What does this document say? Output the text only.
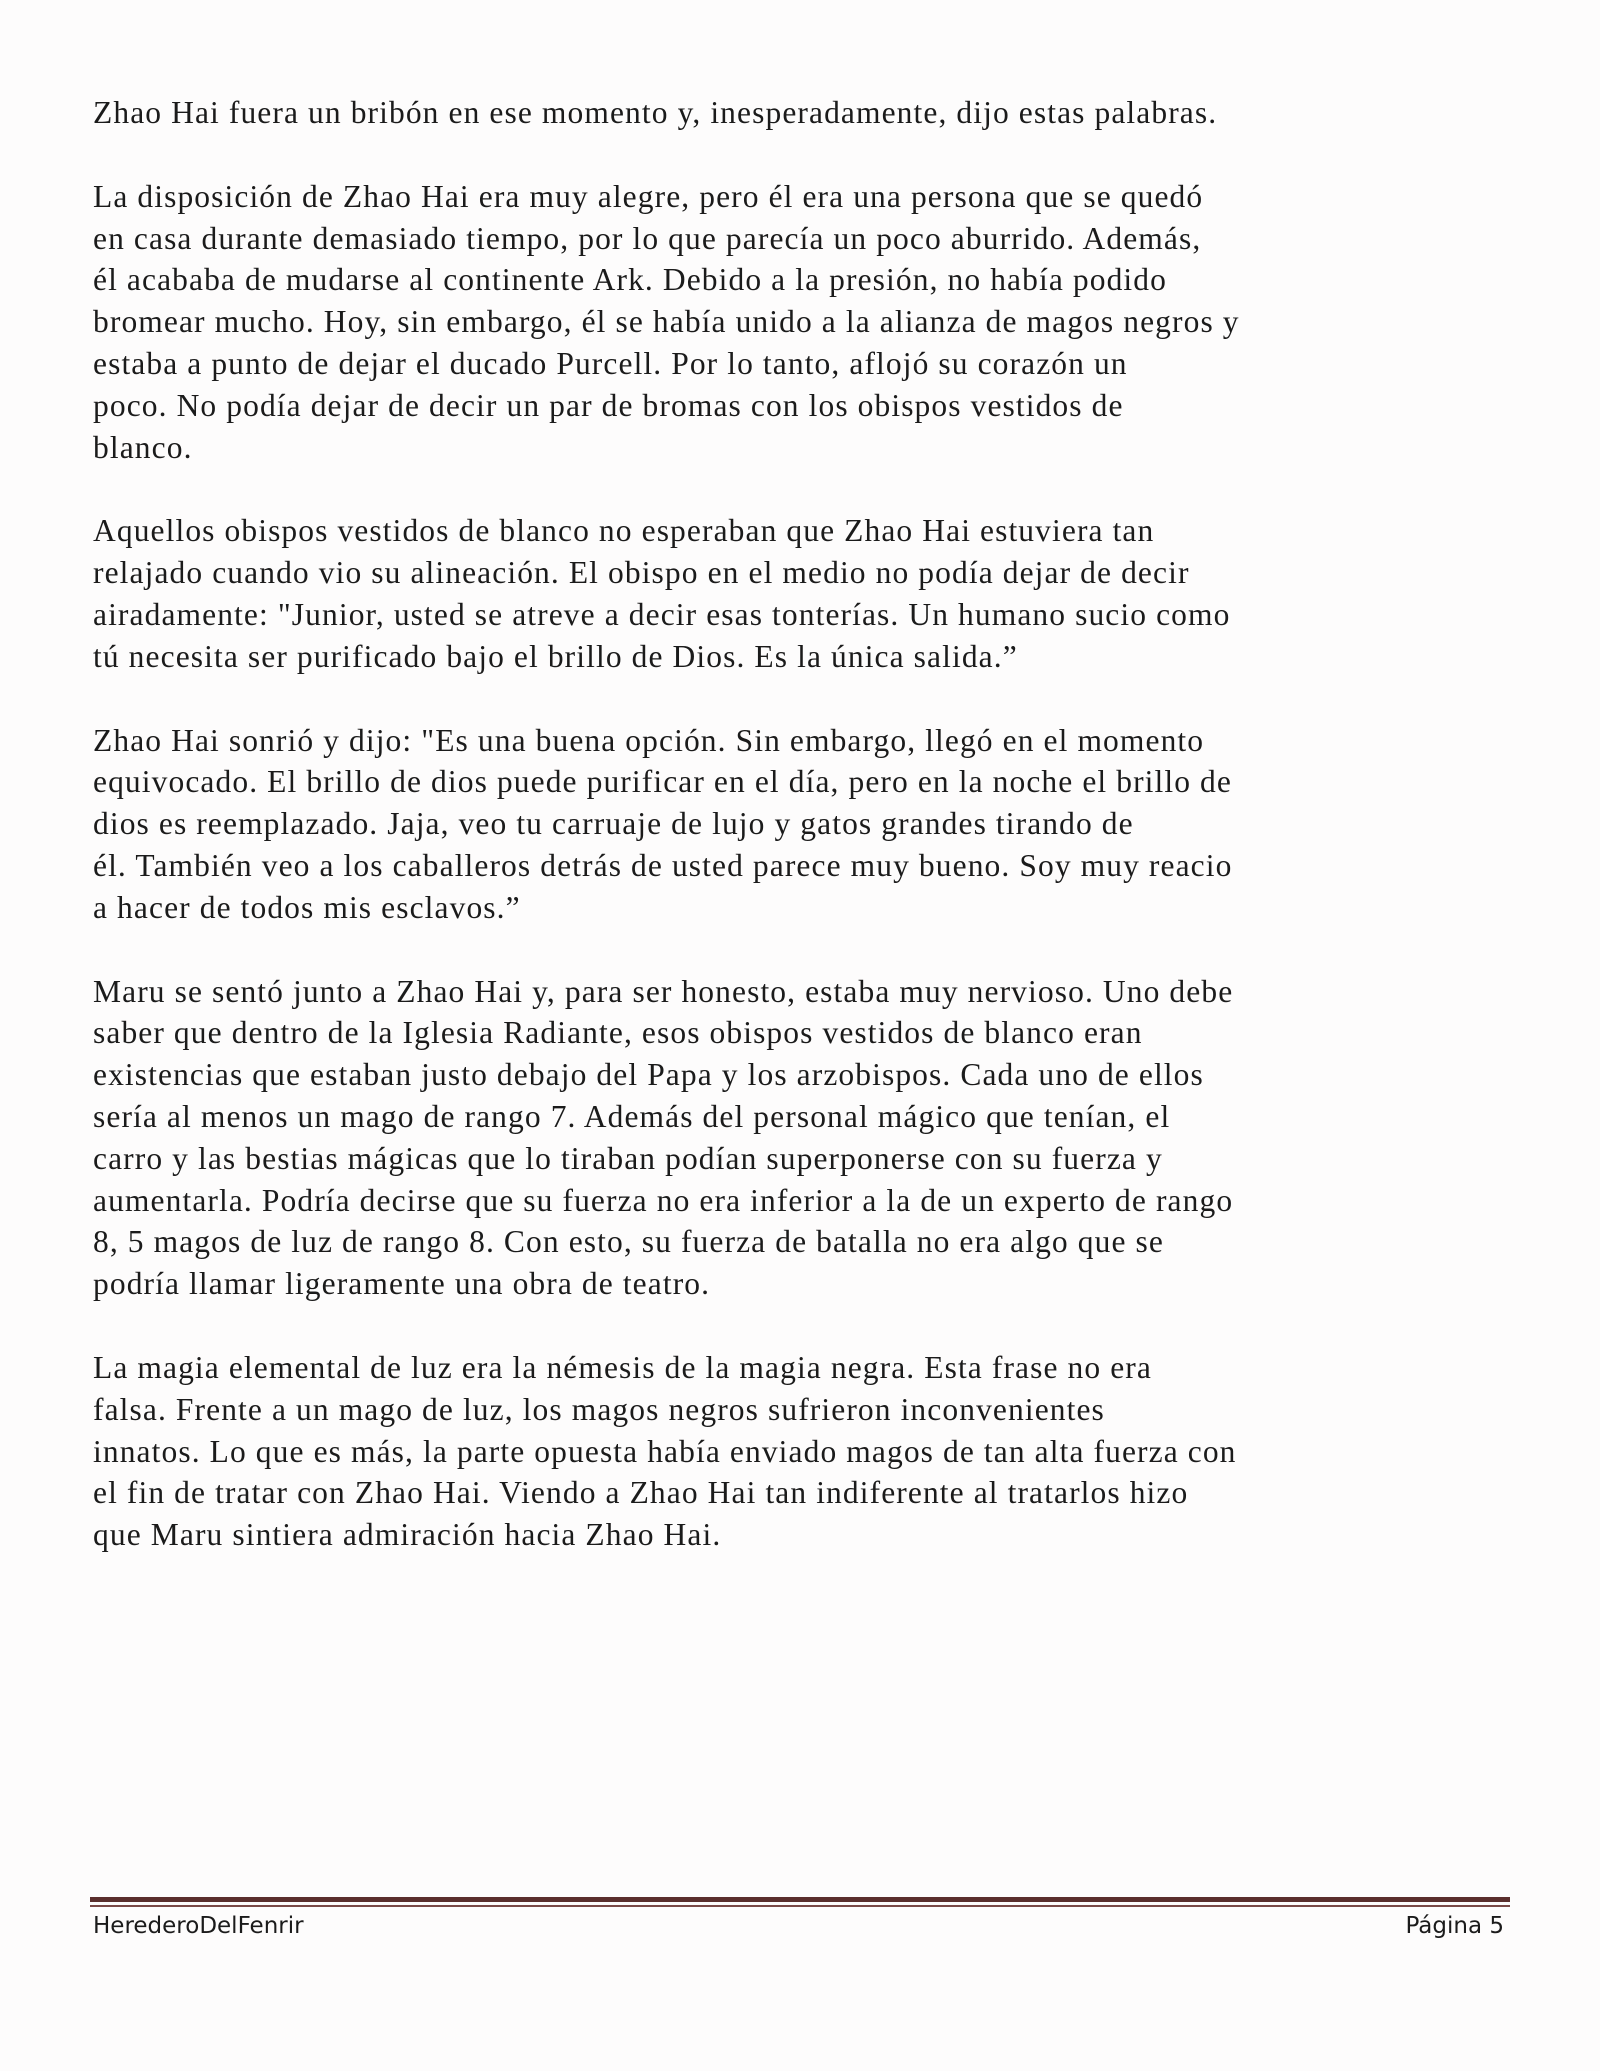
Zhao Hai fuera un bribón en ese momento y, inesperadamente, dijo estas palabras.

La disposición de Zhao Hai era muy alegre, pero él era una persona que se quedó
en casa durante demasiado tiempo, por lo que parecía un poco aburrido. Además,
él acababa de mudarse al continente Ark. Debido a la presión, no había podido
bromear mucho. Hoy, sin embargo, él se había unido a la alianza de magos negros y
estaba a punto de dejar el ducado Purcell. Por lo tanto, aflojó su corazón un
poco. No podía dejar de decir un par de bromas con los obispos vestidos de
blanco.

Aquellos obispos vestidos de blanco no esperaban que Zhao Hai estuviera tan
relajado cuando vio su alineación. El obispo en el medio no podía dejar de decir
airadamente: "Junior, usted se atreve a decir esas tonterías. Un humano sucio como
tú necesita ser purificado bajo el brillo de Dios. Es la única salida.”

Zhao Hai sonrió y dijo: "Es una buena opción. Sin embargo, llegó en el momento
equivocado. El brillo de dios puede purificar en el día, pero en la noche el brillo de
dios es reemplazado. Jaja, veo tu carruaje de lujo y gatos grandes tirando de
él. También veo a los caballeros detrás de usted parece muy bueno. Soy muy reacio
a hacer de todos mis esclavos.”

Maru se sentó junto a Zhao Hai y, para ser honesto, estaba muy nervioso. Uno debe
saber que dentro de la Iglesia Radiante, esos obispos vestidos de blanco eran
existencias que estaban justo debajo del Papa y los arzobispos. Cada uno de ellos
sería al menos un mago de rango 7. Además del personal mágico que tenían, el
carro y las bestias mágicas que lo tiraban podían superponerse con su fuerza y
aumentarla. Podría decirse que su fuerza no era inferior a la de un experto de rango
8, 5 magos de luz de rango 8. Con esto, su fuerza de batalla no era algo que se
podría llamar ligeramente una obra de teatro.

La magia elemental de luz era la némesis de la magia negra. Esta frase no era
falsa. Frente a un mago de luz, los magos negros sufrieron inconvenientes
innatos. Lo que es más, la parte opuesta había enviado magos de tan alta fuerza con
el fin de tratar con Zhao Hai. Viendo a Zhao Hai tan indiferente al tratarlos hizo
que Maru sintiera admiración hacia Zhao Hai.

HerederoDelFenrir	Página 5
